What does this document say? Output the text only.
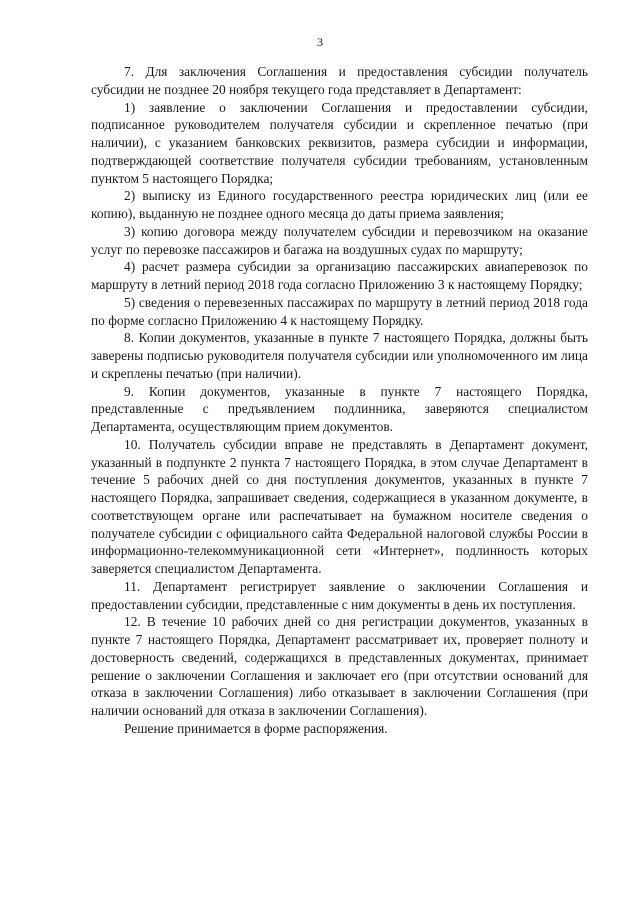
3

7. Для заключения Соглашения и предоставления субсидии получатель субсидии не позднее 20 ноября текущего года представляет в Департамент:

1) заявление о заключении Соглашения и предоставлении субсидии, подписанное руководителем получателя субсидии и скрепленное печатью (при наличии), с указанием банковских реквизитов, размера субсидии и информации, подтверждающей соответствие получателя субсидии требованиям, установленным пунктом 5 настоящего Порядка;

2) выписку из Единого государственного реестра юридических лиц (или ее копию), выданную не позднее одного месяца до даты приема заявления;

3) копию договора между получателем субсидии и перевозчиком на оказание услуг по перевозке пассажиров и багажа на воздушных судах по маршруту;

4) расчет размера субсидии за организацию пассажирских авиаперевозок по маршруту в летний период 2018 года согласно Приложению 3 к настоящему Порядку;

5) сведения о перевезенных пассажирах по маршруту в летний период 2018 года по форме согласно Приложению 4 к настоящему Порядку.

8. Копии документов, указанные в пункте 7 настоящего Порядка, должны быть заверены подписью руководителя получателя субсидии или уполномоченного им лица и скреплены печатью (при наличии).

9. Копии документов, указанные в пункте 7 настоящего Порядка, представленные с предъявлением подлинника, заверяются специалистом Департамента, осуществляющим прием документов.

10. Получатель субсидии вправе не представлять в Департамент документ, указанный в подпункте 2 пункта 7 настоящего Порядка, в этом случае Департамент в течение 5 рабочих дней со дня поступления документов, указанных в пункте 7 настоящего Порядка, запрашивает сведения, содержащиеся в указанном документе, в соответствующем органе или распечатывает на бумажном носителе сведения о получателе субсидии с официального сайта Федеральной налоговой службы России в информационно-телекоммуникационной сети «Интернет», подлинность которых заверяется специалистом Департамента.

11. Департамент регистрирует заявление о заключении Соглашения и предоставлении субсидии, представленные с ним документы в день их поступления.

12. В течение 10 рабочих дней со дня регистрации документов, указанных в пункте 7 настоящего Порядка, Департамент рассматривает их, проверяет полноту и достоверность сведений, содержащихся в представленных документах, принимает решение о заключении Соглашения и заключает его (при отсутствии оснований для отказа в заключении Соглашения) либо отказывает в заключении Соглашения (при наличии оснований для отказа в заключении Соглашения).

Решение принимается в форме распоряжения.
